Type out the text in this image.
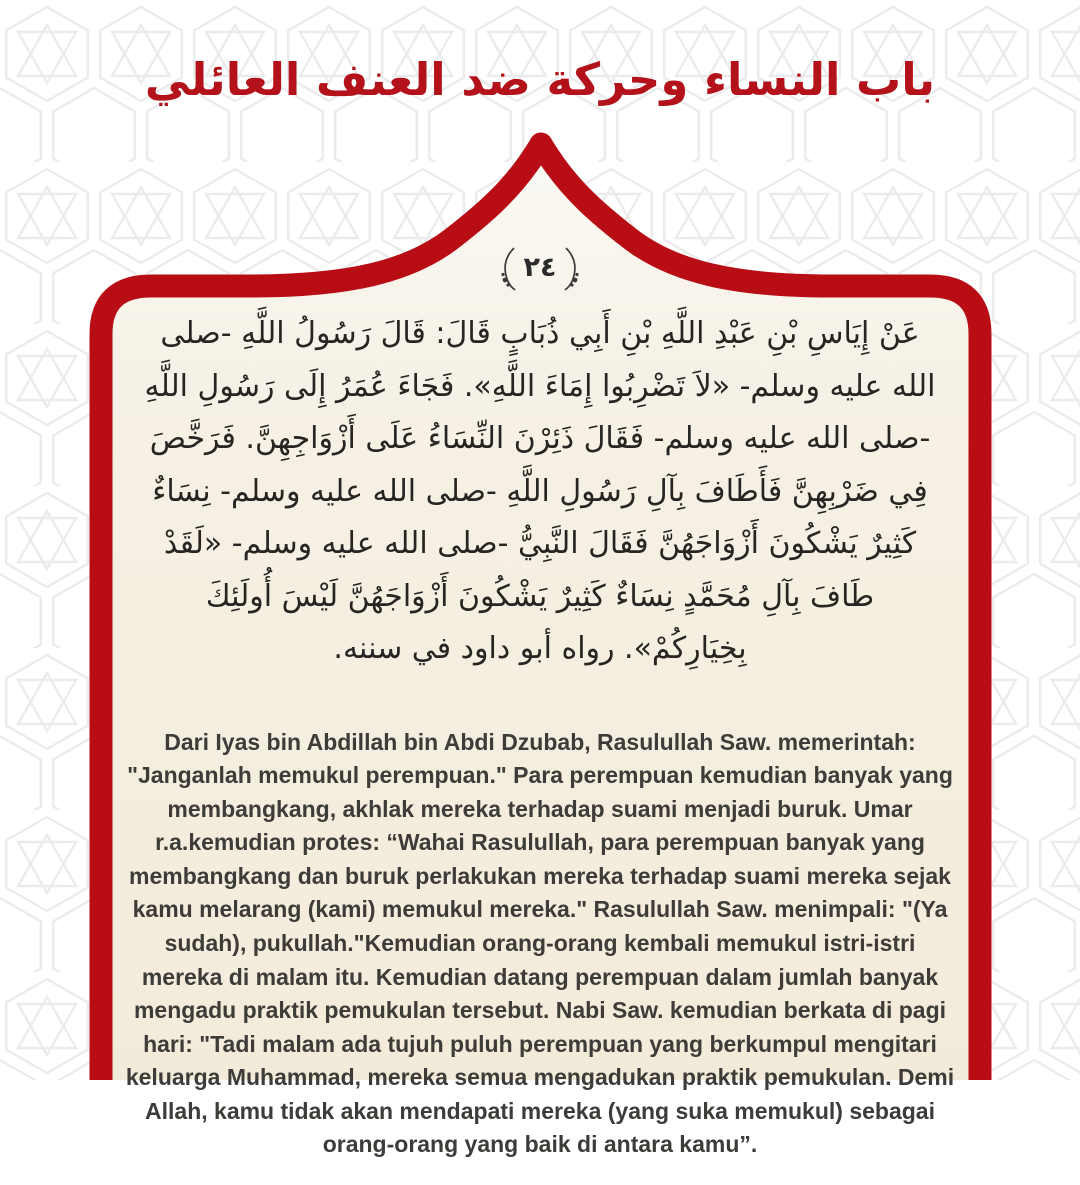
باب النساء وحركة ضد العنف العائلي
٢٤

عَنْ إِيَاسِ بْنِ عَبْدِ اللَّهِ بْنِ أَبِي ذُبَابٍ قَالَ: قَالَ رَسُولُ اللَّهِ -صلى الله عليه وسلم- «لاَ تَضْرِبُوا إِمَاءَ اللَّهِ». فَجَاءَ عُمَرُ إِلَى رَسُولِ اللَّهِ -صلى الله عليه وسلم- فَقَالَ ذَئِرْنَ النِّسَاءُ عَلَى أَزْوَاجِهِنَّ. فَرَخَّصَ فِي ضَرْبِهِنَّ فَأَطَافَ بِآلِ رَسُولِ اللَّهِ -صلى الله عليه وسلم- نِسَاءٌ كَثِيرٌ يَشْكُونَ أَزْوَاجَهُنَّ فَقَالَ النَّبِيُّ -صلى الله عليه وسلم- «لَقَدْ طَافَ بِآلِ مُحَمَّدٍ نِسَاءٌ كَثِيرٌ يَشْكُونَ أَزْوَاجَهُنَّ لَيْسَ أُولَئِكَ بِخِيَارِكُمْ». رواه أبو داود في سننه.

Dari Iyas bin Abdillah bin Abdi Dzubab, Rasulullah Saw. memerintah: "Janganlah memukul perempuan." Para perempuan kemudian banyak yang membangkang, akhlak mereka terhadap suami menjadi buruk. Umar r.a.kemudian protes: “Wahai Rasulullah, para perempuan banyak yang membangkang dan buruk perlakukan mereka terhadap suami mereka sejak kamu melarang (kami) memukul mereka." Rasulullah Saw. menimpali: "(Ya sudah), pukullah."Kemudian orang-orang kembali memukul istri-istri mereka di malam itu. Kemudian datang perempuan dalam jumlah banyak mengadu praktik pemukulan tersebut. Nabi Saw. kemudian berkata di pagi hari: "Tadi malam ada tujuh puluh perempuan yang berkumpul mengitari keluarga Muhammad, mereka semua mengadukan praktik pemukulan. Demi Allah, kamu tidak akan mendapati mereka (yang suka memukul) sebagai orang-orang yang baik di antara kamu”.
